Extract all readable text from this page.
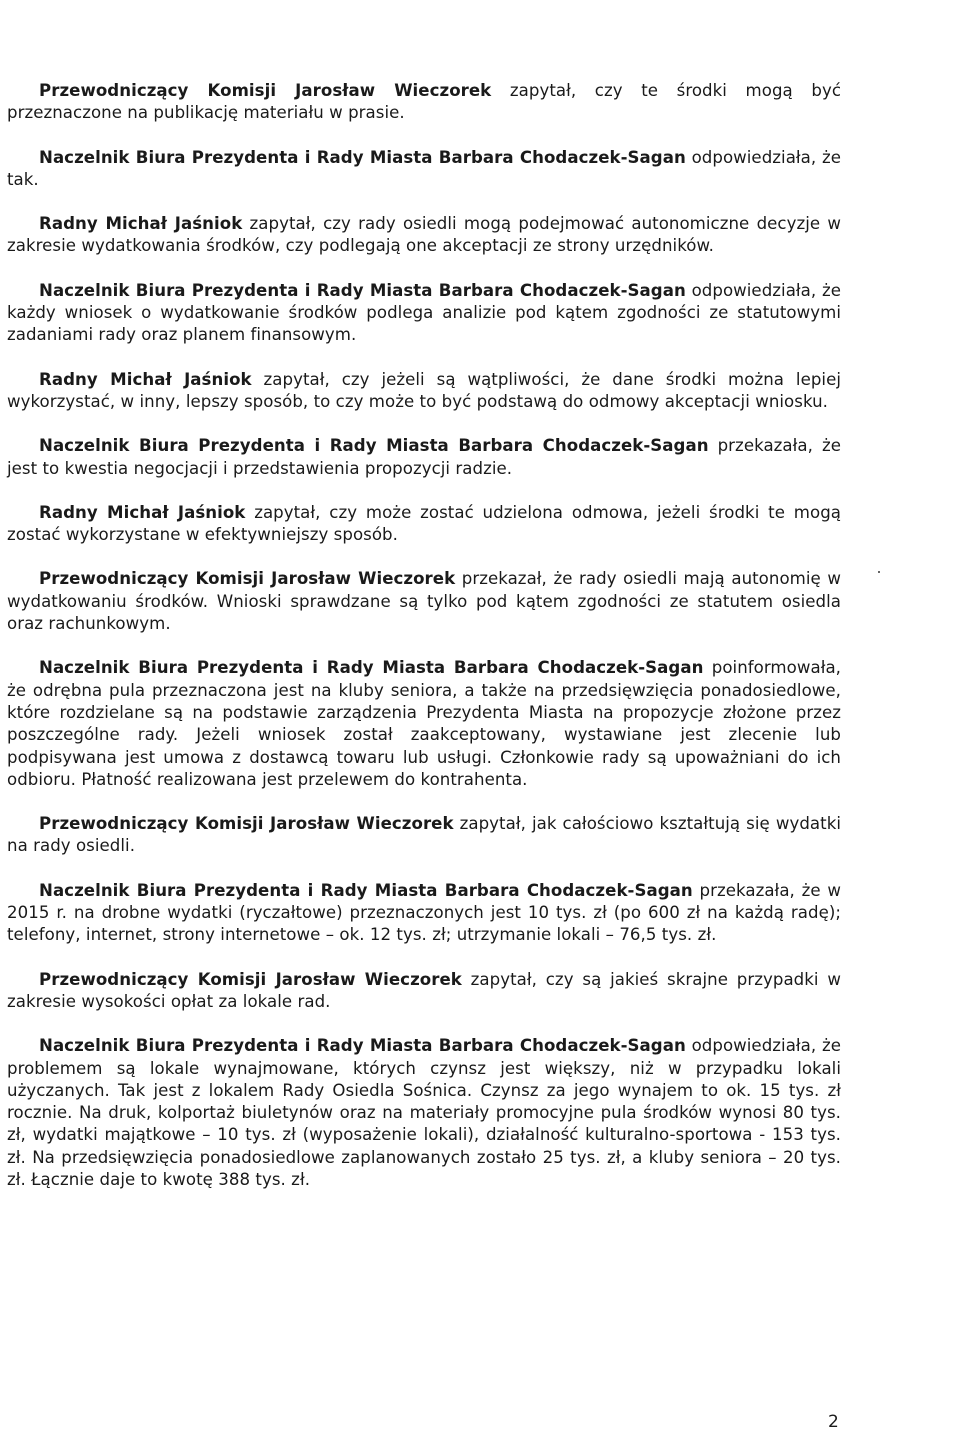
Przewodniczący Komisji Jarosław Wieczorek zapytał, czy te środki mogą być przeznaczone na publikację materiału w prasie.

Naczelnik Biura Prezydenta i Rady Miasta Barbara Chodaczek-Sagan odpowiedziała, że tak.

Radny Michał Jaśniok zapytał, czy rady osiedli mogą podejmować autonomiczne decyzje w zakresie wydatkowania środków, czy podlegają one akceptacji ze strony urzędników.

Naczelnik Biura Prezydenta i Rady Miasta Barbara Chodaczek-Sagan odpowiedziała, że każdy wniosek o wydatkowanie środków podlega analizie pod kątem zgodności ze statutowymi zadaniami rady oraz planem finansowym.

Radny Michał Jaśniok zapytał, czy jeżeli są wątpliwości, że dane środki można lepiej wykorzystać, w inny, lepszy sposób, to czy może to być podstawą do odmowy akceptacji wniosku.

Naczelnik Biura Prezydenta i Rady Miasta Barbara Chodaczek-Sagan przekazała, że jest to kwestia negocjacji i przedstawienia propozycji radzie.

Radny Michał Jaśniok zapytał, czy może zostać udzielona odmowa, jeżeli środki te mogą zostać wykorzystane w efektywniejszy sposób.

Przewodniczący Komisji Jarosław Wieczorek przekazał, że rady osiedli mają autonomię w wydatkowaniu środków. Wnioski sprawdzane są tylko pod kątem zgodności ze statutem osiedla oraz rachunkowym.

Naczelnik Biura Prezydenta i Rady Miasta Barbara Chodaczek-Sagan poinformowała, że odrębna pula przeznaczona jest na kluby seniora, a także na przedsięwzięcia ponadosiedlowe, które rozdzielane są na podstawie zarządzenia Prezydenta Miasta na propozycje złożone przez poszczególne rady. Jeżeli wniosek został zaakceptowany, wystawiane jest zlecenie lub podpisywana jest umowa z dostawcą towaru lub usługi. Członkowie rady są upoważniani do ich odbioru. Płatność realizowana jest przelewem do kontrahenta.

Przewodniczący Komisji Jarosław Wieczorek zapytał, jak całościowo kształtują się wydatki na rady osiedli.

Naczelnik Biura Prezydenta i Rady Miasta Barbara Chodaczek-Sagan przekazała, że w 2015 r. na drobne wydatki (ryczałtowe) przeznaczonych jest 10 tys. zł (po 600 zł na każdą radę); telefony, internet, strony internetowe – ok. 12 tys. zł; utrzymanie lokali – 76,5 tys. zł.

Przewodniczący Komisji Jarosław Wieczorek zapytał, czy są jakieś skrajne przypadki w zakresie wysokości opłat za lokale rad.

Naczelnik Biura Prezydenta i Rady Miasta Barbara Chodaczek-Sagan odpowiedziała, że problemem są lokale wynajmowane, których czynsz jest większy, niż w przypadku lokali użyczanych. Tak jest z lokalem Rady Osiedla Sośnica. Czynsz za jego wynajem to ok. 15 tys. zł rocznie. Na druk, kolportaż biuletynów oraz na materiały promocyjne pula środków wynosi 80 tys. zł, wydatki majątkowe – 10 tys. zł (wyposażenie lokali), działalność kulturalno-sportowa - 153 tys. zł. Na przedsięwzięcia ponadosiedlowe zaplanowanych zostało 25 tys. zł, a kluby seniora – 20 tys. zł. Łącznie daje to kwotę 388 tys. zł.

2
